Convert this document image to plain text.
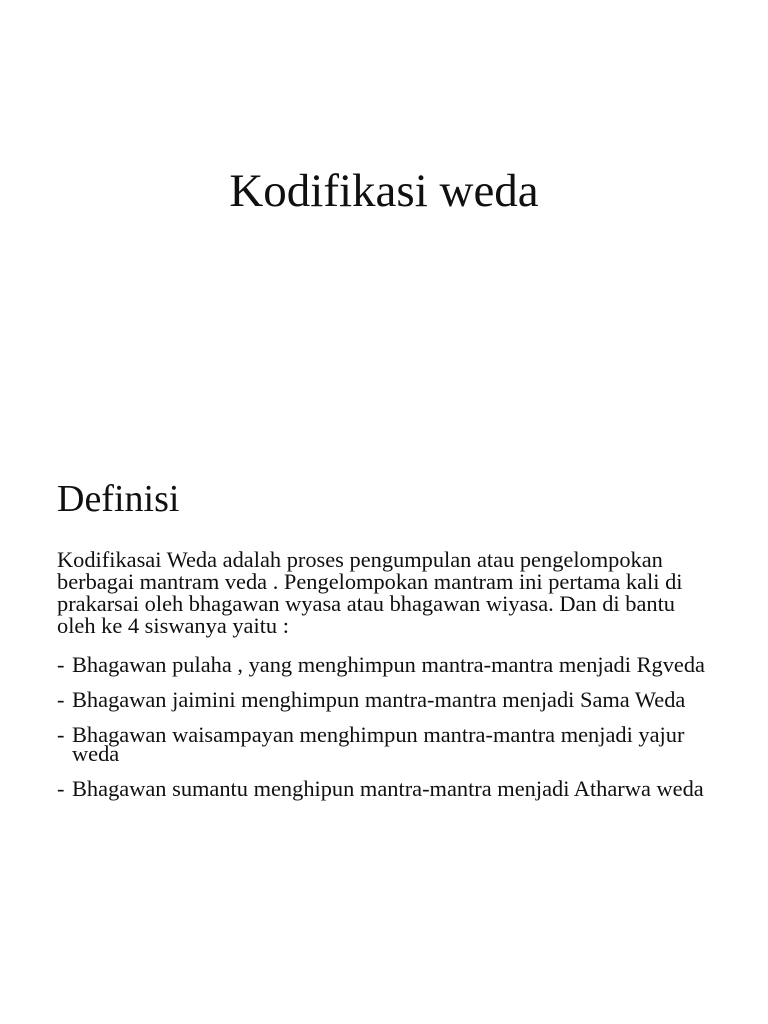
Kodifikasi weda
Definisi
Kodifikasai Weda adalah proses pengumpulan atau pengelompokan
berbagai mantram veda . Pengelompokan mantram ini pertama kali di
prakarsai oleh bhagawan wyasa atau bhagawan wiyasa. Dan di bantu
oleh ke 4 siswanya yaitu :
- Bhagawan pulaha , yang menghimpun mantra-mantra menjadi Rgveda
- Bhagawan jaimini menghimpun mantra-mantra menjadi Sama Weda
- Bhagawan waisampayan menghimpun mantra-mantra menjadi yajur
weda
- Bhagawan sumantu menghipun mantra-mantra menjadi Atharwa weda
